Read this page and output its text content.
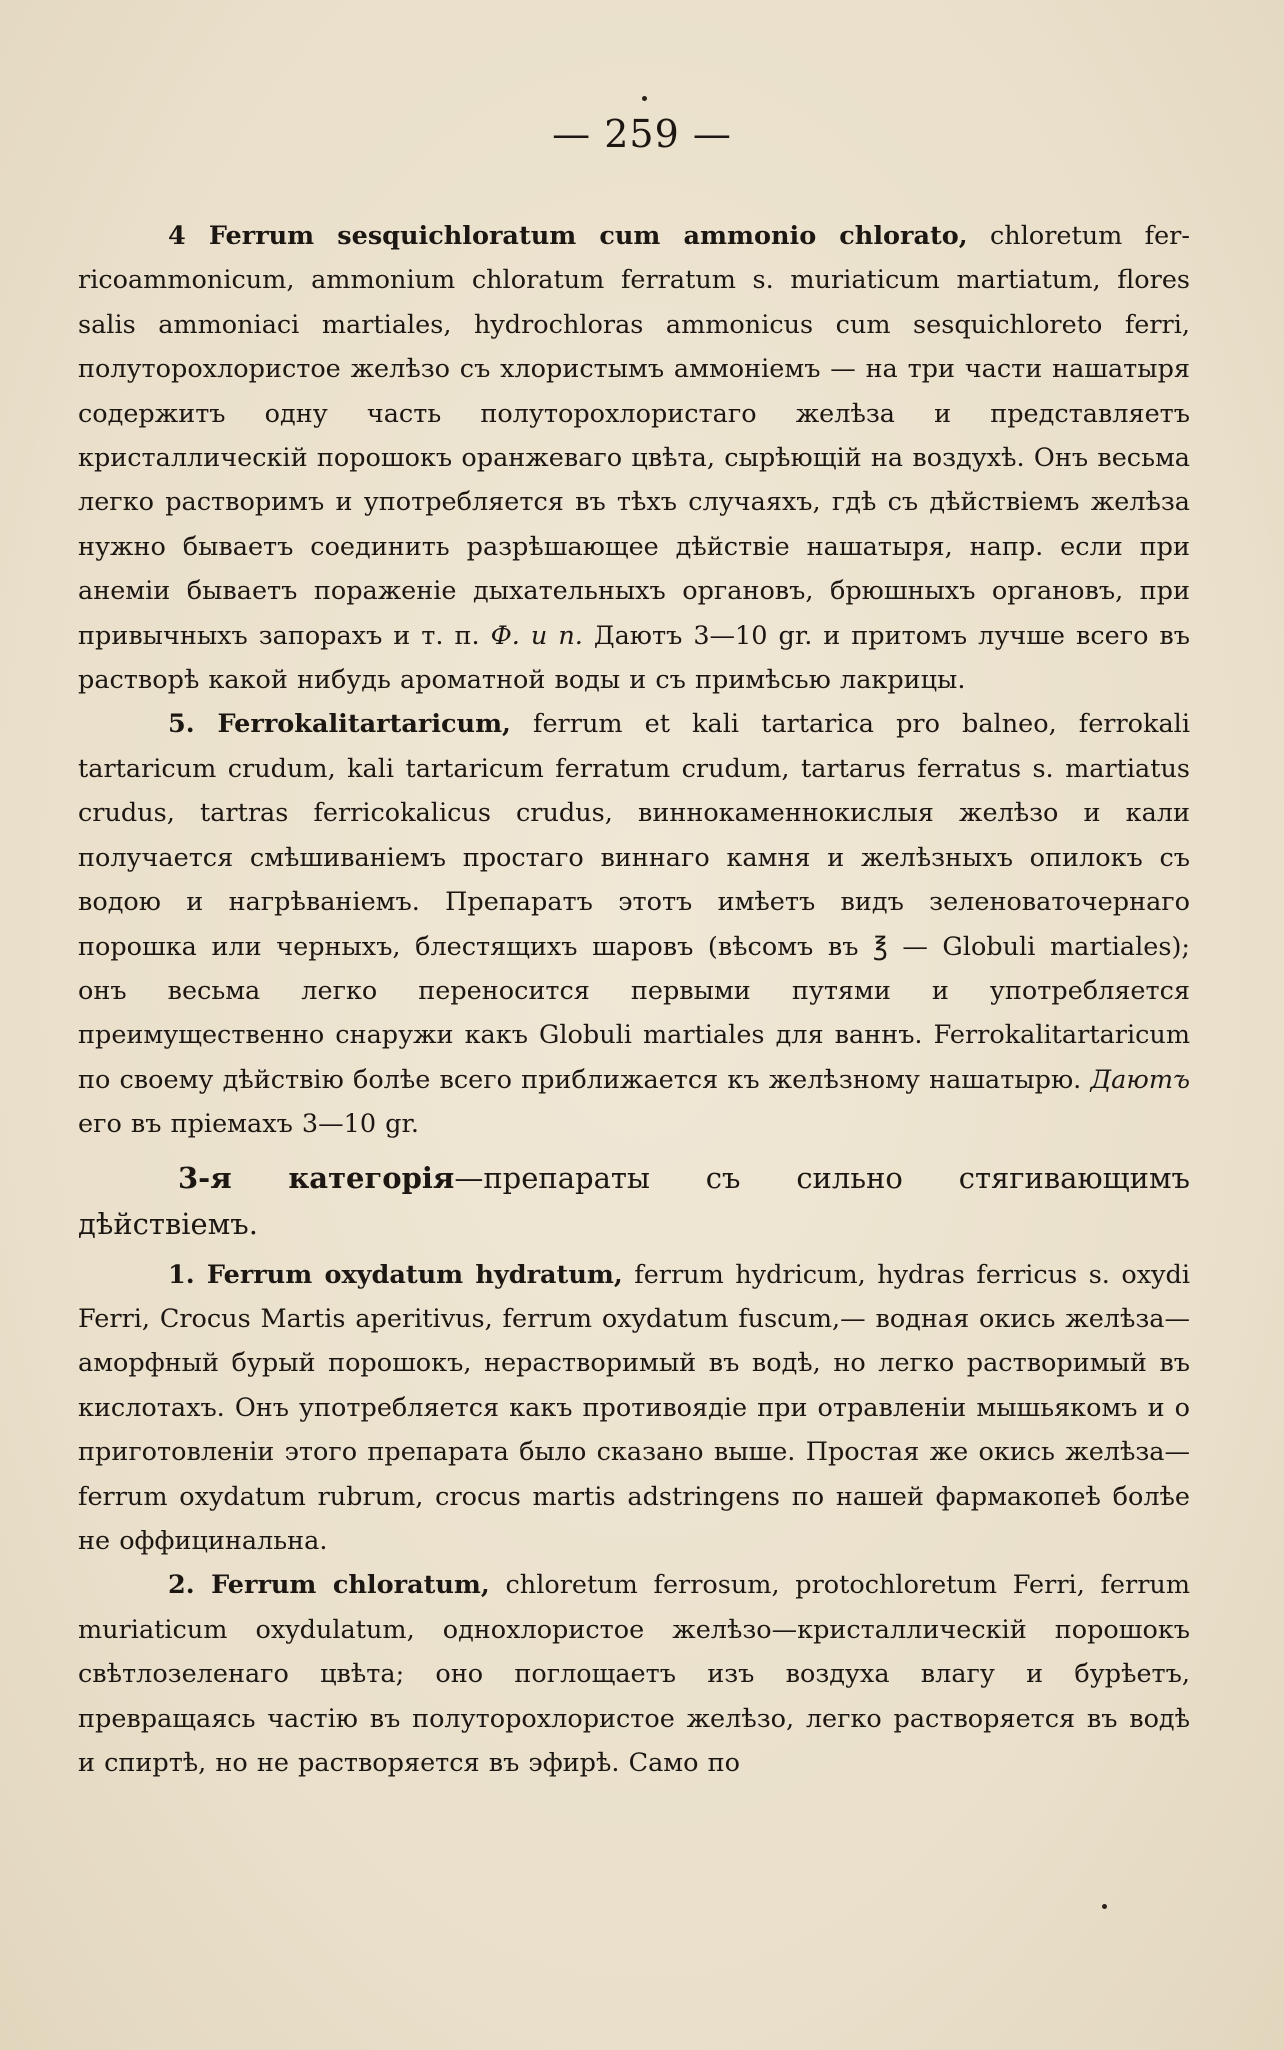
— 259 —

4 Ferrum sesquichloratum cum ammonio chlorato, chloretum ferricoammonicum, ammonium chloratum ferratum s. muriaticum martiatum, flores salis ammoniaci martiales, hydrochloras ammonicus cum sesquichloreto ferri, полуторохлористое желѣзо съ хлористымъ аммоніемъ — на три части нашатыря содержитъ одну часть полуторохлористаго желѣза и представляетъ кристаллическій порошокъ оранжеваго цвѣта, сырѣющій на воздухѣ. Онъ весьма легко растворимъ и употребляется въ тѣхъ случаяхъ, гдѣ съ дѣйствіемъ желѣза нужно бываетъ соединить разрѣшающее дѣйствіе нашатыря, напр. если при анеміи бываетъ пораженіе дыхательныхъ органовъ, брюшныхъ органовъ, при привычныхъ запорахъ и т. п. Ф. и п. Даютъ 3—10 gr. и притомъ лучше всего въ растворѣ какой нибудь ароматной воды и съ примѣсью лакрицы.

5. Ferrokalitartaricum, ferrum et kali tartarica pro balneo, ferrokali tartaricum crudum, kali tartaricum ferratum crudum, tartarus ferratus s. martiatus crudus, tartras ferricokalicus crudus, виннокаменнокислыя желѣзо и кали получается смѣшиваніемъ простаго виннаго камня и желѣзныхъ опилокъ съ водою и нагрѣваніемъ. Препаратъ этотъ имѣетъ видъ зеленоваточернаго порошка или черныхъ, блестящихъ шаровъ (вѣсомъ въ ℥ — Globuli martiales); онъ весьма легко переносится первыми путями и употребляется преимущественно снаружи какъ Globuli martiales для ваннъ. Ferrokalitartaricum по своему дѣйствію болѣе всего приближается къ желѣзному нашатырю. Даютъ его въ пріемахъ 3—10 gr.

3-я категорія—препараты съ сильно стягивающимъ дѣйствіемъ.

1. Ferrum oxydatum hydratum, ferrum hydricum, hydras ferricus s. oxydi Ferri, Crocus Martis aperitivus, ferrum oxydatum fuscum,— водная окись желѣза—аморфный бурый порошокъ, нерастворимый въ водѣ, но легко растворимый въ кислотахъ. Онъ употребляется какъ противоядіе при отравленіи мышьякомъ и о приготовленіи этого препарата было сказано выше. Простая же окись желѣза—ferrum oxydatum rubrum, crocus martis adstringens по нашей фармакопеѣ болѣе не оффицинальна.

2. Ferrum chloratum, chloretum ferrosum, protochloretum Ferri, ferrum muriaticum oxydulatum, однохлористое желѣзо—кристаллическій порошокъ свѣтлозеленаго цвѣта; оно поглощаетъ изъ воздуха влагу и бурѣетъ, превращаясь частію въ полуторохлористое желѣзо, легко растворяется въ водѣ и спиртѣ, но не растворяется въ эфирѣ. Само по
